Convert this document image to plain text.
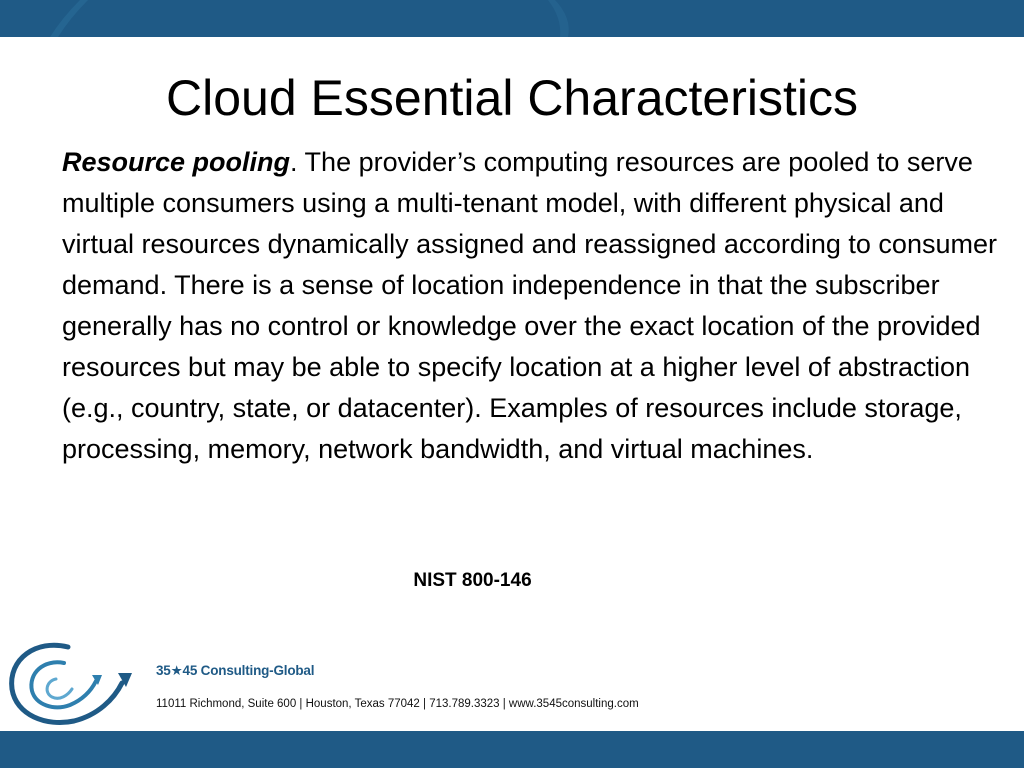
Cloud Essential Characteristics

Resource pooling. The provider’s computing resources are pooled to serve multiple consumers using a multi-tenant model, with different physical and virtual resources dynamically assigned and reassigned according to consumer demand. There is a sense of location independence in that the subscriber generally has no control or knowledge over the exact location of the provided resources but may be able to specify location at a higher level of abstraction (e.g., country, state, or datacenter). Examples of resources include storage, processing, memory, network bandwidth, and virtual machines.

NIST 800-146
35★45 Consulting-Global
11011 Richmond, Suite 600 | Houston, Texas 77042 | 713.789.3323 | www.3545consulting.com
